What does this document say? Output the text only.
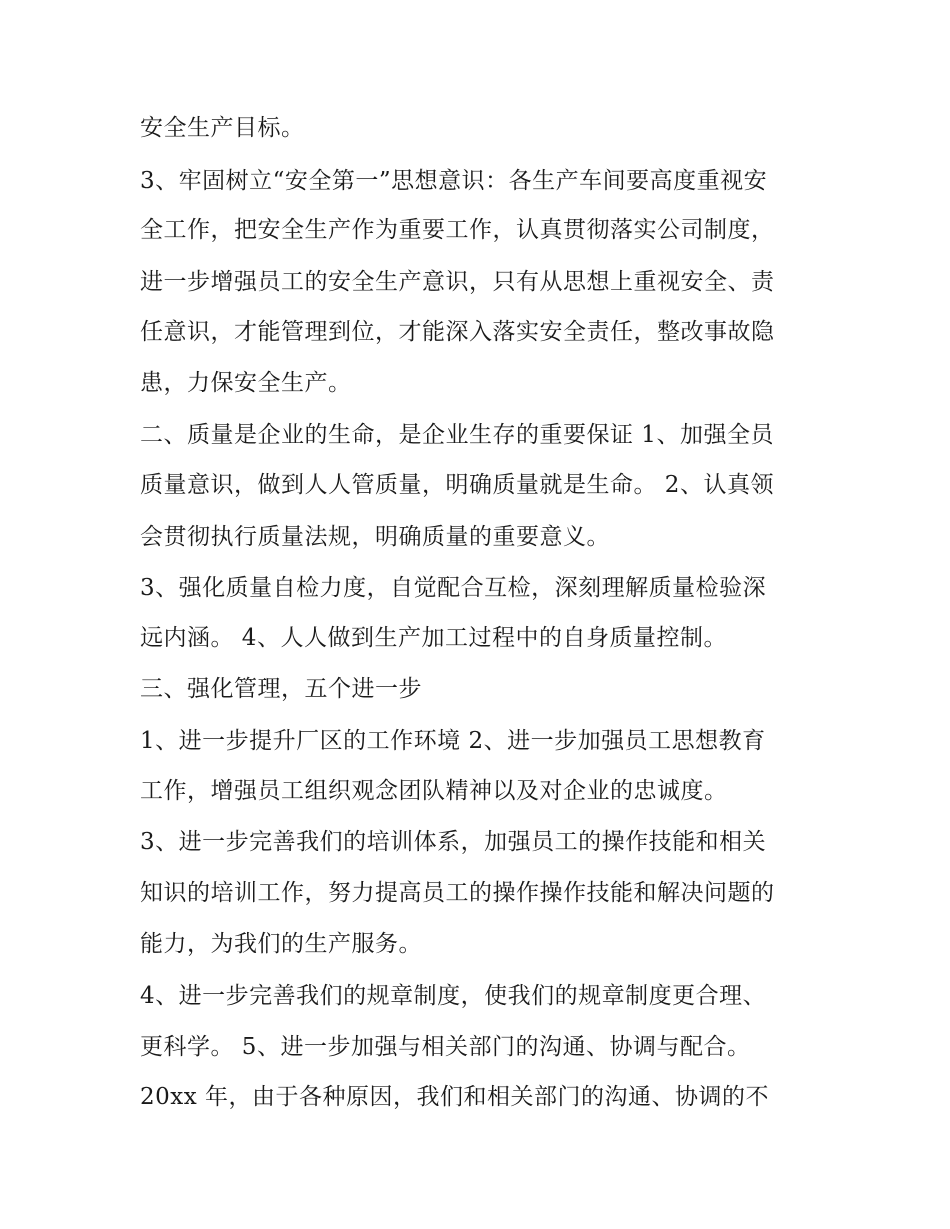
安全生产目标。
3、牢固树立“安全第一”思想意识：各生产车间要高度重视安
全工作，把安全生产作为重要工作，认真贯彻落实公司制度，
进一步增强员工的安全生产意识，只有从思想上重视安全、责
任意识，才能管理到位，才能深入落实安全责任，整改事故隐
患，力保安全生产。
二、质量是企业的生命，是企业生存的重要保证 1、加强全员
质量意识，做到人人管质量，明确质量就是生命。 2、认真领
会贯彻执行质量法规，明确质量的重要意义。
3、强化质量自检力度，自觉配合互检，深刻理解质量检验深
远内涵。 4、人人做到生产加工过程中的自身质量控制。
三、强化管理，五个进一步
1、进一步提升厂区的工作环境 2、进一步加强员工思想教育
工作，增强员工组织观念团队精神以及对企业的忠诚度。
3、进一步完善我们的培训体系，加强员工的操作技能和相关
知识的培训工作，努力提高员工的操作操作技能和解决问题的
能力，为我们的生产服务。
4、进一步完善我们的规章制度，使我们的规章制度更合理、
更科学。 5、进一步加强与相关部门的沟通、协调与配合。
20xx 年，由于各种原因，我们和相关部门的沟通、协调的不
